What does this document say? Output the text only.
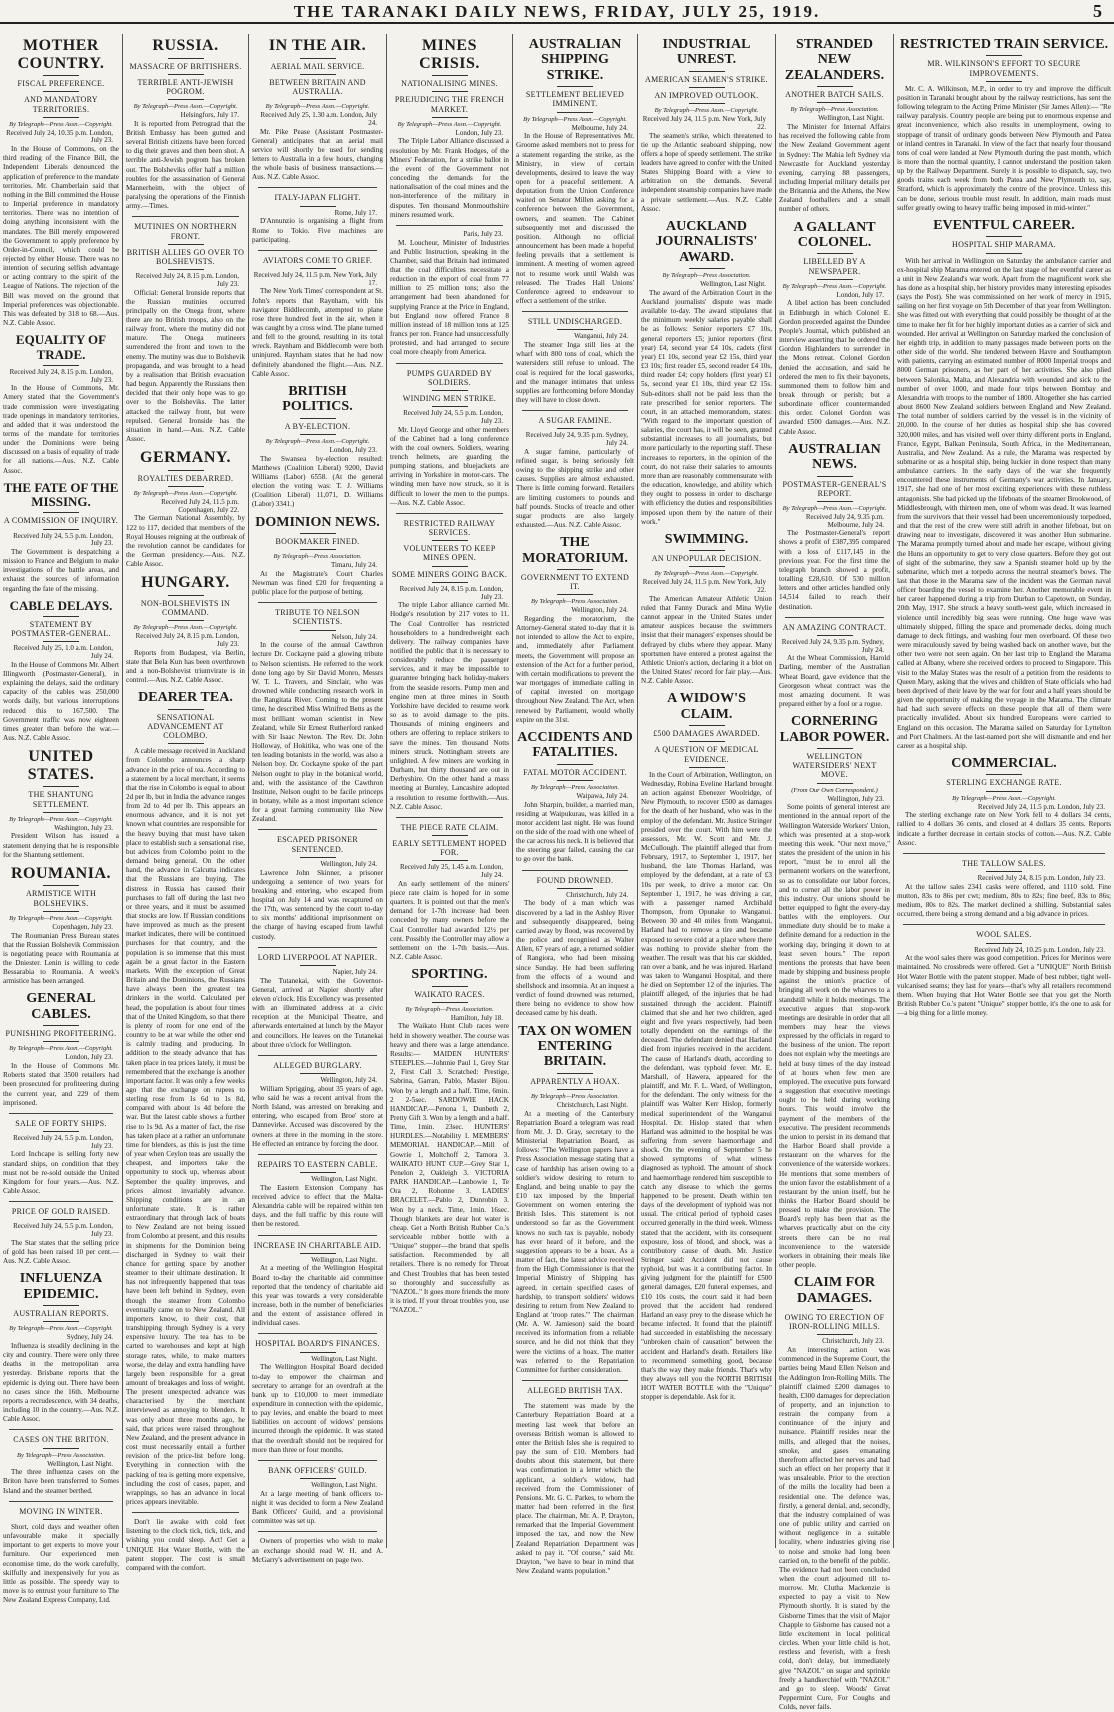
THE TARANAKI DAILY NEWS, FRIDAY, JULY 25, 1919.	5
MOTHER COUNTRY.
FISCAL PREFERENCE.
AND MANDATORY TERRITORIES.
By Telegraph—Press Assn.—Copyright.
Received July 24, 10.35 p.m. London, July 23.
In the House of Commons, on the third reading of the Finance Bill, the Independent Liberals denounced the application of preference to the mandate territories. Mr. Chamberlain said that nothing in the Bill committed the House to Imperial preference in mandatory territories. There was no intention of doing anything inconsistent with the mandates. The Bill merely empowered the Government to apply preference by Order-in-Council, which could be rejected by either House. There was no intention of securing selfish advantage or acting contrary to the spirit of the League of Nations. The rejection of the Bill was moved on the ground that Imperial preferences was objectionable. This was defeated by 318 to 68.—Aus. N.Z. Cable Assoc.
EQUALITY OF TRADE.
Received July 24, 8.15 p.m. London, July 23.
In the House of Commons, Mr. Amery stated that the Government's trade commission were investigating trade openings in mandatory territories, and added that it was understood the terms of the mandate for territories under the Dominions were being discussed on a basis of equality of trade for all nations.—Aus. N.Z. Cable Assoc.
THE FATE OF THE MISSING.
A COMMISSION OF INQUIRY.
Received July 24, 5.5 p.m. London, July 23.
The Government is despatching a mission to France and Belgium to make investigations of the battle areas, and exhaust the sources of information regarding the fate of the missing.
CABLE DELAYS.
STATEMENT BY POSTMASTER-GENERAL.
Received July 25, 1.0 a.m. London, July 24.
In the House of Commons Mr. Albert Illingworth (Postmaster-General), in explaining the delays, said the ordinary capacity of the cables was 250,000 words daily, but various interruptions reduced this to 167,500. The Government traffic was now eighteen times greater than before the war.—Aus. N.Z. Cable Assoc.
UNITED STATES.
THE SHANTUNG SETTLEMENT.
By Telegraph—Press Assn.—Copyright.
Washington, July 23.
President Wilson has issued a statement denying that he is responsible for the Shantung settlement.
ROUMANIA.
ARMISTICE WITH BOLSHEVIKS.
By Telegraph—Press Assn.—Copyright.
Copenhagen, July 23.
The Roumanian Press Bureau states that the Russian Bolshevik Commission is negotiating peace with Roumania at the Dniester. Lenin is willing to cede Bessarabia to Roumania. A week's armistice has been arranged.
GENERAL CABLES.
PUNISHING PROFITEERING.
By Telegraph—Press Assn.—Copyright.
London, July 23.
In the House of Commons Mr. Roberts stated that 3500 retailers had been prosecuted for profiteering during the current year, and 229 of them imprisoned.
SALE OF FORTY SHIPS.
Received July 24, 5.5 p.m. London, July 23.
Lord Inchcape is selling forty new standard ships, on condition that they must not be re-sold outside the United Kingdom for four years.—Aus. N.Z. Cable Assoc.
PRICE OF GOLD RAISED.
Received July 24, 5.5 p.m. London, July 23.
The Star states that the selling price of gold has been raised 10 per cent.—Aus. N.Z. Cable Assoc.
INFLUENZA EPIDEMIC.
AUSTRALIAN REPORTS.
By Telegraph—Press Assn.—Copyright.
Sydney, July 24.
Influenza is steadily declining in the city and country. There were only three deaths in the metropolitan area yesterday. Brisbane reports that the epidemic is dying out. There have been no cases since the 16th. Melbourne reports a recrudescence, with 34 deaths, including 10 in the country.—Aus. N.Z. Cable Assoc.
CASES ON THE BRITON.
By Telegraph—Press Association.
Wellington, Last Night.
The three influenza cases on the Briton have been transferred to Somes Island and the steamer berthed.
MOVING IN WINTER.
Short, cold days and weather often unfavourable make it specially important to get experts to move your furniture. Our experienced men economise time, do the work carefully, skilfully and inexpensively for you as little as possible. The speedy way to move is to entrust your furniture to The New Zealand Express Company, Ltd.
RUSSIA.
MASSACRE OF BRITISHERS.
TERRIBLE ANTI-JEWISH POGROM.
By Telegraph—Press Assn.—Copyright.
Helsingfors, July 17.
It is reported from Petrograd that the British Embassy has been gutted and several British citizens have been forced to dig their graves and then been shot. A terrible anti-Jewish pogrom has broken out. The Bolsheviks offer half a million roubles for the assassination of General Mannerheim, with the object of paralysing the operations of the Finnish army.—Times.
MUTINIES ON NORTHERN FRONT.
BRITISH ALLIES GO OVER TO BOLSHEVISTS.
Received July 24, 8.15 p.m. London, July 23.
Official: General Ironside reports that the Russian mutinies occurred principally on the Onega front, where there are no British troops, also on the railway front, where the mutiny did not mature. The Onega mutineers surrendered the front and town to the enemy. The mutiny was due to Bolshevik propaganda, and was brought to a head by a realisation that British evacuation had begun. Apparently the Russians then decided that their only hope was to go over to the Bolsheviks. The latter attacked the railway front, but were repulsed. General Ironside has the situation in hand.—Aus. N.Z. Cable Assoc.
GERMANY.
ROYALTIES DEBARRED.
By Telegraph—Press Assn.—Copyright.
Received July 24, 11.5 p.m. Copenhagen, July 22.
The German National Assembly, by 122 to 117, decided that members of the Royal Houses reigning at the outbreak of the revolution cannot be candidates for the German presidency.—Aus. N.Z. Cable Assoc.
HUNGARY.
NON-BOLSHEVISTS IN COMMAND.
By Telegraph—Press Assn.—Copyright.
Received July 24, 8.15 p.m. London, July 23.
Reports from Budapest, via Berlin, state that Bela Kun has been overthrown and a non-Bolshevist triumvirate is in control.—Aus. N.Z. Cable Assoc.
DEARER TEA.
SENSATIONAL ADVANCEMENT AT COLOMBO.
A cable message received in Auckland from Colombo announces a sharp advance in the price of tea. According to a statement by a local merchant, it seems that the rise in Colombo is equal to about 2d per lb, but in India the advance ranges from 2d to 4d per lb. This appears an enormous advance, and it is not yet known what countries are responsible for the heavy buying that must have taken place to establish such a sensational rise, but advices from Colombo point to the demand being general. On the other hand, the advance in Calcutta indicates that the Russians are buying. The distress in Russia has caused their purchases to fall off during the last two or three years, and it must be assumed that stocks are low. If Russian conditions have improved as much as the present market indicates, there will be continued purchases for that country, and the population is so immense that this must again be a great factor in the Eastern markets. With the exception of Great Britain and the Dominions, the Russians have always been the greatest tea drinkers in the world. Calculated per head, the population is about four times that of the United Kingdom, so that there is plenty of room for one end of the country to be at war while the other end is calmly trading and producing. In addition to the steady advance that has taken place in tea prices lately, it must be remembered that the exchange is another important factor. It was only a few weeks ago that the exchange on rupees to sterling rose from 1s 6d to 1s 8d, compared with about 1s 4d before the war. But the latest cable shows a further rise to 1s 9d. As a matter of fact, the rise has taken place at a rather an unfortunate time for blenders, as this is just the time of year when Ceylon teas are usually the cheapest, and importers take the opportunity to stock up, whereas about September the quality improves, and prices almost invariably advance. Shipping conditions are in an unfortunate state. It is rather extraordinary that through lack of boats to New Zealand are not being issued from Colombo at present, and this results in shipments for the Dominion being discharged in Sydney to wait their chance for getting space by another steamer to their ultimate destination. It has not infrequently happened that teas have been left behind in Sydney, even though the steamer from Colombo eventually came on to New Zealand. All importers know, to their cost, that transhipping through Sydney is a very expensive luxury. The tea has to be carted to warehouses and kept at high storage rates, while, to make matters worse, the delay and extra handling have largely been responsible for a great amount of breakages and loss of weight. The present unexpected advance was characterised by the merchant interviewed as annoying to blenders. It was only about three months ago, he said, that prices were raised throughout New Zealand, and the present advance in cost must necessarily entail a further revision of the price-list before long. Everything in connection with the packing of tea is getting more expensive, including the cost of cases, paper, and wrappings, so has an advance in local prices appears inevitable.
Don't lie awake with cold feet listening to the clock tick, tick, tick, and wishing you could sleep. Act! Get a UNIQUE Hot Water Bottle, with the patent stopper. The cost is small compared with the comfort.
IN THE AIR.
AERIAL MAIL SERVICE.
BETWEEN BRITAIN AND AUSTRALIA.
By Telegraph—Press Assn.—Copyright.
Received July 25, 1.30 a.m. London, July 24.
Mr. Pike Pease (Assistant Postmaster-General) anticipates that an aerial mail service will shortly be used for sending letters to Australia in a few hours, changing the whole basis of business transactions.—Aus. N.Z. Cable Assoc.
ITALY-JAPAN FLIGHT.
Rome, July 17.
D'Annunzio is organising a flight from Rome to Tokio. Five machines are participating.
AVIATORS COME TO GRIEF.
Received July 24, 11.5 p.m. New York, July 17.
The New York Times' correspondent at St. John's reports that Raynham, with his navigator Biddlecomb, attempted to plane rose three hundred feet in the air, when it was caught by a cross wind. The plane turned and fell to the ground, resulting in its total wreck. Raynham and Biddlecomb were both uninjured. Raynham states that he had now definitely abandoned the flight.—Aus. N.Z. Cable Assoc.
BRITISH POLITICS.
A BY-ELECTION.
By Telegraph—Press Assn.—Copyright.
London, July 23.
The Swansea by-election resulted: Matthews (Coalition Liberal) 9200, David Williams (Labor) 6558. (At the general election the voting was: T. J. Williams (Coalition Liberal) 11,071, D. Williams (Labor) 3341.)
DOMINION NEWS.
BOOKMAKER FINED.
By Telegraph—Press Association.
Timaru, July 24.
At the Magistrate's Court Charles Newman was fined £20 for frequenting a public place for the purpose of betting.
TRIBUTE TO NELSON SCIENTISTS.
Nelson, July 24.
In the course of the annual Cawthron lecture Dr. Cockayne paid a glowing tribute to Nelson scientists. He referred to the work done long ago by Sir David Monro, Messrs W. T. L. Travers, and Sinclair, who was drowned while conducting research work in the Rangitata River. Coming to the present time, he described Miss Winifred Betts as the most brilliant woman scientist in New Zealand, while Sir Ernest Rutherford ranked with Sir Isaac Newton. The Rev. Dr. John Holloway, of Hokitika, who was one of the ten leading botanists in the world, was also a Nelson boy. Dr. Cockayne spoke of the part Nelson ought to play in the botanical world, and, with the assistance of the Cawthron Institute, Nelson ought to be facile princeps in botany, while as a most important science for a great farming community like New Zealand.
ESCAPED PRISONER SENTENCED.
Wellington, July 24.
Lawrence John Skinner, a prisoner undergoing a sentence of two years for breaking and entering, who escaped from hospital on July 14 and was recaptured on the 17th, was sentenced by the court to-day to six months' additional imprisonment on the charge of having escaped from lawful custody.
LORD LIVERPOOL AT NAPIER.
Napier, July 24.
The Tutanekai, with the Governor-General, arrived at Napier shortly after eleven o'clock. His Excellency was presented with an illuminated address at a civic reception at the Municipal Theatre, and afterwards entertained at lunch by the Mayor and councillors. He leaves on the Tutanekai about three o'clock for Wellington.
ALLEGED BURGLARY.
Wellington, July 24.
William Sprigging, about 35 years of age, who said he was a recent arrival from the North Island, was arrested on breaking and entering, who escaped from Broe' store at Dannevirke. Accused was discovered by the owners at three in the morning in the store. He effected an entrance by forcing the door.
REPAIRS TO EASTERN CABLE.
Wellington, Last Night.
The Eastern Extension Company has received advice to effect that the Malta-Alexandria cable will be repaired within ten days, and the full traffic by this route will then be restored.
INCREASE IN CHARITABLE AID.
Wellington, Last Night.
At a meeting of the Wellington Hospital Board to-day the charitable aid committee reported that the tendency of charitable aid this year was towards a very considerable increase, both in the number of beneficiaries and the extent of assistance offered in individual cases.
HOSPITAL BOARD'S FINANCES.
Wellington, Last Night.
The Wellington Hospital Board decided to-day to empower the chairman and secretary to arrange for an overdraft at the bank up to £10,000 to meet immediate expenditure in connection with the epidemic, to pay levies, and enable the board to meet liabilities on account of widows' pensions incurred through the epidemic. It was stated that the overdraft should not be required for more than three or four months.
BANK OFFICERS' GUILD.
Wellington, Last Night.
At a large meeting of bank officers to-night it was decided to form a New Zealand Bank Officers' Guild, and a provisional committee was set up.
Owners of properties who wish to make an exchange should read W. H. and A. McGarry's advertisement on page two.
MINES CRISIS.
NATIONALISING MINES.
PREJUDICING THE FRENCH MARKET.
By Telegraph—Press Assn.—Copyright.
London, July 23.
The Triple Labor Alliance discussed a resolution by Mr. Frank Hodges, of the Miners' Federation, for a strike ballot in the event of the Government not conceding the demands for the nationalisation of the coal mines and the non-interference of the military in disputes. Ten thousand Monmouthshire miners resumed work.
Paris, July 23.
M. Loucheur, Minister of Industries and Public Instruction, speaking in the Chamber, said that Britain had intimated that the coal difficulties necessitate a reduction in the export of coal from 77 million to 25 million tons; also the arrangement had been abandoned for supplying France at the Price in England, but England now offered France 8 million instead of 18 million tons at 125 francs per ton. France had unsuccessfully protested, and had arranged to secure coal more cheaply from America.
PUMPS GUARDED BY SOLDIERS.
WINDING MEN STRIKE.
Received July 24, 5.5 p.m. London, July 23.
Mr. Lloyd George and other members of the Cabinet had a long conference with the coal owners. Soldiers, wearing trench helmets, are guarding the pumping stations, and bluejackets are arriving in Yorkshire in motor-cars. The winding men have now struck, so it is difficult to lower the men to the pumps.—Aus. N.Z. Cable Assoc.
RESTRICTED RAILWAY SERVICES.
VOLUNTEERS TO KEEP MINES OPEN.
SOME MINERS GOING BACK.
Received July 24, 8.15 p.m. London, July 23.
The triple Labor alliance carried Mr. Hodge's resolution by 217 votes to 11. The Coal Controller has restricted householders to a hundredweight each delivery. The railway companies have notified the public that it is necessary to considerably reduce the passenger services, and it may be impossible to guarantee bringing back holiday-makers from the seaside resorts. Pump men and engine men at three mines in South Yorkshire have decided to resume work so as to avoid damage to the pits. Thousands of mining engineers and others are offering to replace strikers to save the mines. Ten thousand Notts miners struck. Nottingham streets are unlighted. A few miners are working in Durham, but thirty thousand are out in Derbyshire. On the other hand a mass meeting at Burnley, Lancashire adopted a resolution to resume forthwith.—Aus. N.Z. Cable Assoc.
THE PIECE RATE CLAIM.
EARLY SETTLEMENT HOPED FOR.
Received July 25, 1.45 a.m. London, July 24.
An early settlement of the miners' piece rate claim is hoped for in some quarters. It is pointed out that the men's demand for 1-7th increase had been conceded by many owners before the Coal Controller had awarded 12½ per cent. Possibly the Controller may allow a settlement on the 1-7th basis.—Aus. N.Z. Cable Assoc.
SPORTING.
WAIKATO RACES.
By Telegraph—Press Association.
Hamilton, July 18.
The Waikato Hunt Club races were held in showery weather. The course was heavy and there was a large attendance. Results:— MAIDEN HUNTERS' STEEPLES.—Johnnie Paul 1, Grey Star 2, First Call 3. Scratched: Prestige, Sabrina, Garran, Pablo, Master Bijou. Won by a length and a half. Time, 6min. 2 2-5sec. SARDOWIE HACK HANDICAP.—Penona 1, Dunbeth 2, Pretty Gift 3. Won by a length and a half. Time, 1min. 23sec. HUNTERS' HURDLES.—Notability 1. MEMBERS' MEMORIAL HANDICAP.—Mill of Gowrie 1, Moltchoff 2, Tamora 3. WAIKATO HUNT CUP.—Grey Star 1, Penelon 2, Oakleigh 3. VICTORIA PARK HANDICAP.—Lanbowie 1, Te Ora 2, Rohonne 3. LADIES' BRACELET.—Pablo 2, Dunrobin 3. Won by a neck. Time, 1min. 16sec. Though blankets are dear hot water is cheap. Get a North British Rubber Co.'s serviceable rubber bottle with a "Unique" stopper—the brand that spells satisfaction. Recommended by all retailers. There is no remedy for Throat and Chest Troubles that has been tested so thoroughly and successfully as "NAZOL." It goes more friends the more it is tried. If your throat troubles you, use "NAZOL."
AUSTRALIAN SHIPPING STRIKE.
SETTLEMENT BELIEVED IMMINENT.
By Telegraph—Press Assn.—Copyright.
Melbourne, July 24.
In the House of Representatives Mr. Groome asked members not to press for a statement regarding the strike, as the Ministry, in view of certain developments, desired to leave the way open for a peaceful settlement. A deputation from the Union Conference waited on Senator Millen asking for a conference between the Government, owners, and seamen. The Cabinet subsequently met and discussed the position. Although no official announcement has been made a hopeful feeling prevails that a settlement is imminent. A meeting of women agreed not to resume work until Walsh was released. The Trades Hall Unions' Conference agreed to endeavour to effect a settlement of the strike.
STILL UNDISCHARGED.
Wanganui, July 24.
The steamer Inga still lies at the wharf with 800 tons of coal, which the watersiders still refuse to unload. The coal is required for the local gasworks, and the manager intimates that unless supplies are forthcoming before Monday they will have to close down.
A SUGAR FAMINE.
Received July 24, 9.35 p.m. Sydney, July 24.
A sugar famine, particularly of refined sugar, is being seriously felt owing to the shipping strike and other causes. Supplies are almost exhausted. There is little coming forward. Retailers are limiting customers to pounds and half pounds. Stocks of treacle and other sugar products are also largely exhausted.—Aus. N.Z. Cable Assoc.
THE MORATORIUM.
GOVERNMENT TO EXTEND IT.
By Telegraph—Press Association.
Wellington, July 24.
Regarding the moratorium, the Attorney-General stated to-day that it is not intended to allow the Act to expire, and, immediately after Parliament meets, the Government will propose an extension of the Act for a further period, with certain modifications to prevent the war mortgages of immediate calling in of capital invested on mortgage throughout New Zealand. The Act, when renewed by Parliament, would wholly expire on the 31st.
ACCIDENTS AND FATALITIES.
FATAL MOTOR ACCIDENT.
By Telegraph—Press Association.
Waipawa, July 24.
John Sharpin, builder, a married man, residing at Waipukurau, was killed in a motor accident last night. He was found on the side of the road with one wheel of the car across his neck. It is believed that the steering gear failed, causing the car to go over the bank.
FOUND DROWNED.
Christchurch, July 24.
The body of a man which was discovered by a lad in the Ashley River and subsequently disappeared, being carried away by flood, was recovered by the police and recognised as Walter Allen, 67 years of age, a returned soldier of Rangiora, who had been missing since Sunday. He had been suffering from the effects of a wound and shellshock and insomnia. At an inquest a verdict of found drowned was returned, there being no evidence to show how deceased came by his death.
TAX ON WOMEN ENTERING BRITAIN.
APPARENTLY A HOAX.
By Telegraph—Press Association.
Christchurch, Last Night.
At a meeting of the Canterbury Repatriation Board a telegram was read from Mr. J. D. Gray, secretary to the Ministerial Repatriation Board, as follows: "The Wellington papers have a Press Association message stating that a case of hardship has arisen owing to a soldier's widow desiring to return to England, and being unable to pay the £10 tax imposed by the Imperial Government on women entering the British Isles. This statement is not understood so far as the Government knows no such tax is payable, nobody has ever heard of it before, and the suggestion appears to be a hoax. As a matter of fact, the latest advice received from the High Commissioner is that the Imperial Ministry of Shipping has agreed, in certain specified cases of hardship, to transport soldiers' widows desiring to return from New Zealand to England at 'troop rates.'" The chairman (Mr. A. W. Jamieson) said the board received its information from a reliable source, and he did not think that they were the victims of a hoax. The matter was referred to the Repatriation Committee for further consideration.
ALLEGED BRITISH TAX.
The statement was made by the Canterbury Repatriation Board at a meeting last week that before an overseas British woman is allowed to enter the British Isles she is required to pay the sum of £10. Members had doubts about this statement, but there was confirmation in a letter which the applicant, a soldier's widow, had received from the Commissioner of Pensions. Mr. G. C. Parkes, to whom the matter had been referred in the first place. The chairman, Mr. A. P. Drayton, remarked that the Imperial Government imposed the tax, and now the New Zealand Repatriation Department was asked to pay it. "Of course," said Mr. Drayton, "we have to bear in mind that New Zealand wants population."
INDUSTRIAL UNREST.
AMERICAN SEAMEN'S STRIKE.
AN IMPROVED OUTLOOK.
By Telegraph—Press Assn.—Copyright.
Received July 24, 11.5 p.m. New York, July 22.
The seamen's strike, which threatened to tie up the Atlantic seaboard shipping, now offers a hope of speedy settlement. The strike leaders have agreed to confer with the United States Shipping Board with a view to arbitration on the demands. Several independent steamship companies have made a private settlement.—Aus. N.Z. Cable Assoc.
AUCKLAND JOURNALISTS' AWARD.
By Telegraph—Press Association.
Wellington, Last Night.
The award of the Arbitration Court in the Auckland journalists' dispute was made available to-day. The award stipulates that the minimum weekly salaries payable shall be as follows: Senior reporters £7 10s, general reporters £5; junior reporters (first year) £4, second year £4 10s, cadets (first year) £1 10s, second year £2 15s, third year £3 10s; first reader £5, second reader £4 10s, third reader £4; copy holders (first year) £1 5s, second year £1 10s, third year £2 15s. Sub-editors shall not be paid less than the rate prescribed for senior reporters. The court, in an attached memorandum, states: "With regard to the important question of salaries, the court has, it will be seen, granted substantial increases to all journalists, but more particularly to the reporting staff. These increases to reporters, in the opinion of the court, do not raise their salaries to amounts more than are reasonably commensurate with the education, knowledge, and ability which they ought to possess in order to discharge with efficiency the duties and responsibilities imposed upon them by the nature of their work."
SWIMMING.
AN UNPOPULAR DECISION.
By Telegraph—Press Assn.—Copyright.
Received July 24, 11.5 p.m. New York, July 22.
The American Amateur Athletic Union ruled that Fanny Durack and Mina Wylie cannot appear in the United States under amateur auspices because the swimmers insist that their managers' expenses should be defrayed by clubs where they appear. Many sportsmen have entered a protest against the Athletic Union's action, declaring it a blot on the United States' record for fair play.—Aus. N.Z. Cable Assoc.
A WIDOW'S CLAIM.
£500 DAMAGES AWARDED.
A QUESTION OF MEDICAL EVIDENCE.
In the Court of Arbitration, Wellington, on Wednesday, Robina Eveline Harland brought an action against Ebenezer Woolridge, of New Plymouth, to recover £500 as damages for the death of her husband, who was in the employ of the defendant. Mr. Justice Stringer presided over the court. With him were the assessors, Mr. W. Scott and Mr. J. McCullough. The plaintiff alleged that from February, 1917, to September 1, 1917, her husband, the late Thomas Harland, was employed by the defendant, at a rate of £3 10s per week, to drive a motor car. On September 1, 1917, he was driving a car, with a passenger named Archibald Thompson, from Opunake to Wanganui. Between 30 and 40 miles from Wanganui, Harland had to remove a tire and became exposed to severe cold at a place where there was nothing to provide shelter from the weather. The result was that his car skidded, ran over a bank, and he was injured. Harland was taken to Wanganui Hospital, and there he died on September 12 of the injuries. The plaintiff alleged, of the injuries that he had sustained through the accident. Plaintiff claimed that she and her two children, aged eight and five years respectively, had been totally dependent on the earnings of the deceased. The defendant denied that Harland died from injuries received in the accident. The cause of Harland's death, according to the defendant, was typhoid fever. Mr. E. Marshall, of Hawera, appeared for the plaintiff, and Mr. F. L. Ward, of Wellington, for the defendant. The only witness for the plaintiff was Walter Kerr Hislop, formerly medical superintendent of the Wanganui Hospital. Dr. Hislop stated that when Harland was admitted to the hospital he was suffering from severe haemorrhage and shock. On the evening of September 5 he showed symptoms of what witness diagnosed as typhoid. The amount of shock and haemorrhage rendered him susceptible to catch any disease to which the germs happened to be present. Death within ten days of the development of typhoid was not usual. The critical period of typhoid cases occurred generally in the third week. Witness stated that the accident, with its consequent exposure, loss of blood, and shock, was a contributory cause of death. Mr. Justice Stringer said: Accident did not cause typhoid, but was it a contributing factor. In giving judgment for the plaintiff for £500 general damages, £20 funeral expenses, and £10 10s costs, the court said it had been proved that the accident had rendered Harland an easy prey to the disease which he became infected. It found that the plaintiff had succeeded in establishing the necessary "unbroken chain of causation" between the accident and Harland's death. Retailers like to recommend something good, because that's the way they make friends. That's why they always tell you the NORTH BRITISH HOT WATER BOTTLE with the "Unique" stopper is dependable. Ask for it.
STRANDED NEW ZEALANDERS.
ANOTHER BATCH SAILS.
By Telegraph—Press Association.
Wellington, Last Night.
The Minister for Internal Affairs has received the following cable from the New Zealand Government agent in Sydney: The Mahia left Sydney via Newcastle for Auckland yesterday evening, carrying 88 passengers, including Imperial military details per the Britannia and the Athens, the New Zealand footballers and a small number of others.
A GALLANT COLONEL.
LIBELLED BY A NEWSPAPER.
By Telegraph—Press Assn.—Copyright.
London, July 17.
A libel action has been concluded in Edinburgh in which Colonel E. Gordon proceeded against the Dundee People's Journal, which published an interview asserting that he ordered the Gordon Highlanders to surrender in the Mons retreat. Colonel Gordon denied the accusation, and said he ordered the men to fix their bayonets, summoned them to follow him and break through or perish; but a subordinate officer countermanded this order. Colonel Gordon was awarded £500 damages.—Aus. N.Z. Cable Assoc.
AUSTRALIAN NEWS.
POSTMASTER-GENERAL'S REPORT.
By Telegraph—Press Assn.—Copyright.
Received July 24, 9.35 p.m. Melbourne, July 24.
The Postmaster-General's report shows a profit of £387,395 compared with a loss of £117,145 in the previous year. For the first time the telegraph branch showed a profit, totalling £28,610. Of 530 million letters and other articles handled only 14,514 failed to reach their destination.
AN AMAZING CONTRACT.
Received July 24, 9.35 p.m. Sydney, July 24.
At the Wheat Commission, Harold Darling, member of the Australian Wheat Board, gave evidence that the Georgeson wheat contract was the most amazing document. It was prepared either by a fool or a rogue.
CORNERING LABOR POWER.
WELLINGTON WATERSIDERS' NEXT MOVE.
(From Our Own Correspondent.)
Wellington, July 23.
Some points of general interest are mentioned in the annual report of the Wellington Waterside Workers' Union, which was presented at a stop-work meeting this week. "Our next move," states the president of the union in his report, "must be to enrol all the permanent workers on the waterfront, so as to consolidate our labor forces, and to corner all the labor power in this industry. Our unions should be better equipped to fight the every-day battles with the employers. Our immediate duty should be to make a definite demand for a reduction in the working day, bringing it down to at least seven hours." The report mentions the protests that have been made by shipping and business people against the union's practice of bringing all work on the wharves to a standstill while it holds meetings. The executive argues that stop-work meetings are desirable in order that all members may hear the views expressed by the officials in regard to the business of the union. The report does not explain why the meetings are held at busy times of the day instead of at hours when few men are employed. The executive puts forward a suggestion that executive meetings ought to be held during working hours. This would involve the payment of the members of the executive. The president recommends the union to persist in its demand that the Harbor Board shall provide a restaurant on the wharves for the convenience of the waterside workers. He mentions that some members of the union favor the establishment of a restaurant by the union itself, but he thinks the Harbor Board should be pressed to make the provision. The Board's reply has been that as the wharves practically abut on the city streets there can be no real inconvenience to the waterside workers in obtaining their meals like other people.
CLAIM FOR DAMAGES.
OWING TO ERECTION OF IRON-ROLLING MILLS.
Christchurch, July 23.
An interesting action was commenced in the Supreme Court, the parties being Maud Ellen Nelson and the Addington Iron-Rolling Mills. The plaintiff claimed £200 damages to health, £300 damages for depreciation of property, and an injunction to restrain the company from a continuance of the injury and nuisance. Plaintiff resides near the mills, and alleged that the noises, smoke, and gases emanating therefrom affected her nerves and had such an effect on her property that it was unsaleable. Prior to the erection of the mills the locality had been a residential one. The defence was, firstly, a general denial, and, secondly, that the industry complained of was one of public utility and carried on without negligence in a suitable locality, where industries giving rise to noise and smoke had long been carried on, to the benefit of the public. The evidence had not been concluded when the court adjourned till to-morrow. Mr. Clutha Mackenzie is expected to pay a visit to New Plymouth shortly. It is stated by the Gisborne Times that the visit of Major Chapple to Gisborne has caused not a little excitement in local political circles. When your little child is hot, restless and feverish, with a fresh cold, don't delay, but immediately give "NAZOL" on sugar and sprinkle freely a handkerchief with "NAZOL" and go to sleep. Woods' Great Peppermint Cure, For Coughs and Colds, never fails.
RESTRICTED TRAIN SERVICE.
MR. WILKINSON'S EFFORT TO SECURE IMPROVEMENTS.
Mr. C. A. Wilkinson, M.P., in order to try and improve the difficult position in Taranaki brought about by the railway restrictions, has sent the following telegram to the Acting Prime Minister (Sir James Allen):— "Re railway paralysis. Country people are being put to enormous expense and great inconvenience, which also results in unemployment, owing to stoppage of transit of ordinary goods between New Plymouth and Patea or inland centres in Taranaki. In view of the fact that nearly four thousand tons of coal were landed at New Plymouth during the past month, which is more than the normal quantity, I cannot understand the position taken up by the Railway Department. Surely it is possible to dispatch, say, two goods trains each week from both Patea and New Plymouth to, say, Stratford, which is approximately the centre of the province. Unless this can be done, serious trouble must result. In addition, main roads must suffer greatly owing to heavy traffic being imposed in mid-winter."
EVENTFUL CAREER.
HOSPITAL SHIP MARAMA.
With her arrival in Wellington on Saturday the ambulance carrier and ex-hospital ship Marama entered on the last stage of her eventful career as a unit in New Zealand's war work. Apart from the magnificent work she has done as a hospital ship, her history provides many interesting episodes (says the Post). She was commissioned on her work of mercy in 1915, sailing on her first voyage on 5th December of that year from Wellington. She was fitted out with everything that could possibly be thought of at the time to make her fit for her highly important duties as a carrier of sick and wounded. Her arrival at Wellington on Saturday marked the conclusion of her eighth trip, in addition to many passages made between ports on the other side of the world. She tendered between Havre and Southampton with patients, carrying an estimated number of 8000 Imperial troops and 8000 German prisoners, as her part of her activities. She also plied between Salonika, Malta, and Alexandria with wounded and sick to the number of over 1000, and made four trips between Bombay and Alexandria with troops to the number of 1800. Altogether she has carried about 8600 New Zealand soldiers between England and New Zealand. The total number of soldiers carried by the vessel is in the vicinity of 20,000. In the course of her duties as hospital ship she has covered 320,000 miles, and has visited well over thirty different ports in England, France, Egypt, Balkan Peninsula, South Africa, in the Mediterranean, Australia, and New Zealand. As a rule, the Marama was respected by submarine or as a hospital ship, being luckier in done respect than many ambulance carriers. In the early days of the war she frequently encountered these instruments of Germany's war activities. In January, 1917, she had one of her most exciting experiences with these ruthless antagonists. She had picked up the lifeboats of the steamer Brookwood, of Middlesbrough, with thirteen men, one of whom was dead. It was learned from the survivors that their vessel had been unceremoniously torpedoed, and that the rest of the crew were still adrift in another lifeboat, but on drawing near to investigate, discovered it was another Hun submarine. The Marama promptly turned about and made her escape, without giving the Huns an opportunity to get to very close quarters. Before they got out of sight of the submarine, they saw a Spanish steamer hold up by the submarine, which met a torpedo across the neutral steamer's bows. The last that those in the Marama saw of the incident was the German naval officer boarding the vessel to examine her. Another memorable event in her career happened during a trip from Durban to Capetown, on Sunday, 20th May, 1917. She struck a heavy south-west gale, which increased in violence until incredibly big seas were running. One huge wave was ultimately shipped, filling the space and promenade decks, doing much damage to deck fittings, and washing four men overboard. Of these two were miraculously saved by being washed back on another wave, but the other two were not seen again. On her last trip to England the Marama called at Albany, where she received orders to proceed to Singapore. This visit to the Malay States was the result of a petition from the residents to Queen Mary, asking that the wives and children of State officials who had been deprived of their leave by the war for four and a half years should be given the opportunity of making the voyage in the Marama. The climate had had such severe effects on these people that all of them were practically invalided. About six hundred Europeans were carried to England on this occasion. The Marama sailed on Saturday for Lyttelton and Port Chalmers. At the last-named port she will dismantle and end her career as a hospital ship.
COMMERCIAL.
STERLING EXCHANGE RATE.
By Telegraph—Press Assn.—Copyright.
Received July 24, 11.5 p.m. London, July 23.
The sterling exchange rate on New York fell to 4 dollars 34 cents, rallied to 4 dollars 36 cents, and closed at 4 dollars 35 cents. Reports indicate a further decrease in certain stocks of cotton.—Aus. N.Z. Cable Assoc.
THE TALLOW SALES.
Received July 24, 8.15 p.m. London, July 23.
At the tallow sales 2341 casks were offered, and 1110 sold. Fine mutton, 83s to 86s per cwt; medium, 80s to 82s; fine beef, 83s to 86s; medium, 80s to 82s. The market declined a shilling. Substantial sales occurred, there being a strong demand and a big advance in prices.
WOOL SALES.
Received July 24, 10.25 p.m. London, July 23.
At the wool sales there was good competition. Prices for Merinos were maintained. No crossbreds were offered. Get a "UNIQUE" North British Hot Water Bottle with the patent stopper. Made of best rubber, tight well-vulcanised seams; they last for years—that's why all retailers recommend them. When buying that Hot Water Bottle see that you get the North British Rubber Co.'s patent "Unique" stopper bottle, it's the one to ask for—a big thing for a little money.
